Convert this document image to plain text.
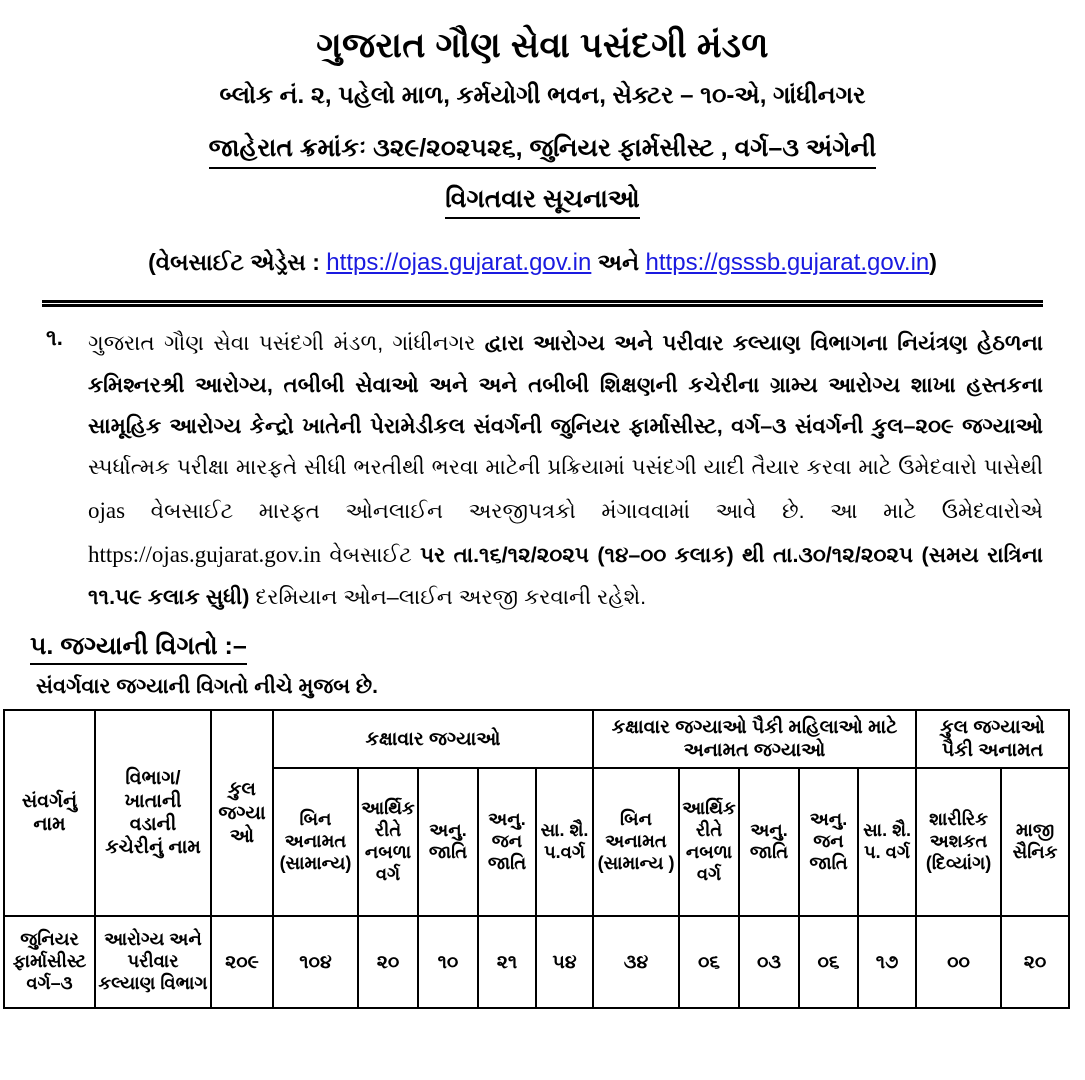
ગુજરાત ગૌણ સેવા પસંદગી મંડળ
બ્લોક નં. ૨, પહેલો માળ, કર્મયોગી ભવન, સેક્ટર – ૧૦-એ, ગાંધીનગર
જાહેરાત ક્રમાંકઃ ૩૨૯/૨૦૨૫૨૬, જુનિયર ફાર્મસીસ્ટ , વર્ગ–૩ અંગેની
વિગતવાર સૂચનાઓ
(વેબસાઈટ એડ્રેસ : https://ojas.gujarat.gov.in અને https://gsssb.gujarat.gov.in)
૧.	ગુજરાત ગૌણ સેવા પસંદગી મંડળ, ગાંધીનગર દ્વારા આરોગ્ય અને પરીવાર કલ્યાણ વિભાગના નિયંત્રણ હેઠળના કમિશ્નરશ્રી આરોગ્ય, તબીબી સેવાઓ અને અને તબીબી શિક્ષણની કચેરીના ગ્રામ્ય આરોગ્ય શાખા હસ્તકના સામૂહિક આરોગ્ય કેન્દ્રો ખાતેની પેરામેડીકલ સંવર્ગની જુનિયર ફાર્માસીસ્ટ, વર્ગ–૩ સંવર્ગની કુલ–૨૦૯ જગ્યાઓ સ્પર્ધાત્મક પરીક્ષા મારફતે સીધી ભરતીથી ભરવા માટેની પ્રક્રિયામાં પસંદગી યાદી તૈયાર કરવા માટે ઉમેદવારો પાસેથી ojas વેબસાઈટ મારફત ઓનલાઈન અરજીપત્રકો મંગાવવામાં આવે છે. આ માટે ઉમેદવારોએ https://ojas.gujarat.gov.in વેબસાઈટ પર તા.૧૬/૧૨/૨૦૨૫ (૧૪–૦૦ કલાક) થી તા.૩૦/૧૨/૨૦૨૫ (સમય રાત્રિના ૧૧.૫૯ કલાક સુધી) દરમિયાન ઓન–લાઈન અરજી કરવાની રહેશે.
૫. જગ્યાની વિગતો :–
સંવર્ગવાર જગ્યાની વિગતો નીચે મુજબ છે.
સંવર્ગનું નામ	વિભાગ/ ખાતાની વડાની કચેરીનું નામ	કુલ જગ્યાઓ	કક્ષાવાર જગ્યાઓ					કક્ષાવાર જગ્યાઓ પૈકી મહિલાઓ માટે અનામત જગ્યાઓ					કુલ જગ્યાઓ પૈકી અનામત	
			બિન અનામત (સામાન્ય)	આર્થિક રીતે નબળા વર્ગ	અનુ. જાતિ	અનુ. જન જાતિ	સા. શૈ. પ.વર્ગ	બિન અનામત (સામાન્ય )	આર્થિક રીતે નબળા વર્ગ	અનુ. જાતિ	અનુ. જન જાતિ	સા. શૈ. પ. વર્ગ	શારીરિક અશકત (દિવ્યાંગ)	માજી સૈનિક
જુનિયર ફાર્માસીસ્ટ વર્ગ–૩	આરોગ્ય અને પરીવાર કલ્યાણ વિભાગ	૨૦૯	૧૦૪	૨૦	૧૦	૨૧	૫૪	૩૪	૦૬	૦૩	૦૬	૧૭	૦૦	૨૦
